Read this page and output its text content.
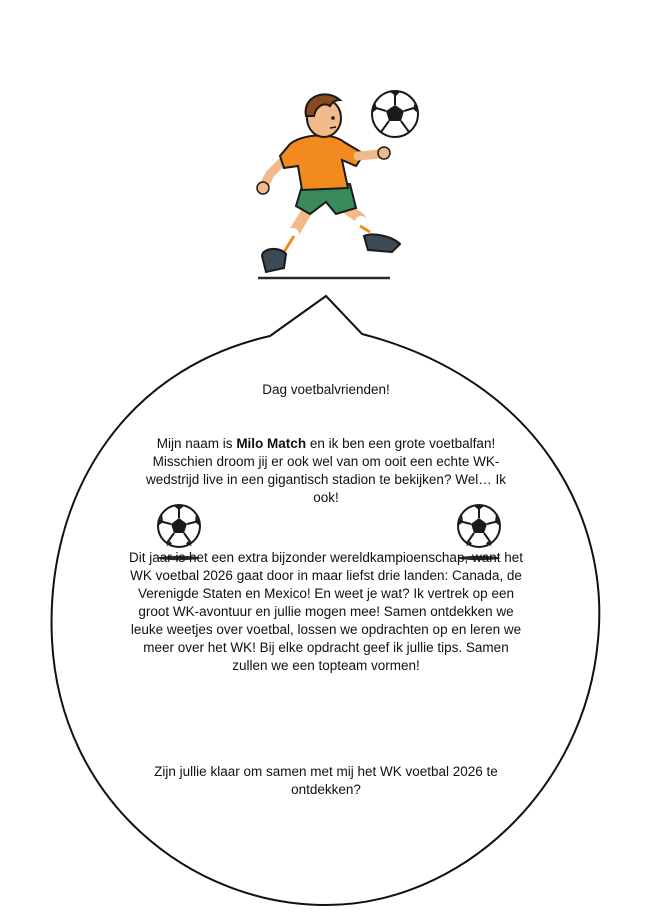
Dag voetbalvrienden!
Mijn naam is Milo Match en ik ben een grote voetbalfan! Misschien droom jij er ook wel van om ooit een echte WK-wedstrijd live in een gigantisch stadion te bekijken? Wel… Ik ook!
Dit jaar is het een extra bijzonder wereldkampioenschap, want het WK voetbal 2026 gaat door in maar liefst drie landen: Canada, de Verenigde Staten en Mexico! En weet je wat? Ik vertrek op een groot WK-avontuur en jullie mogen mee! Samen ontdekken we leuke weetjes over voetbal, lossen we opdrachten op en leren we meer over het WK! Bij elke opdracht geef ik jullie tips. Samen zullen we een topteam vormen!
Zijn jullie klaar om samen met mij het WK voetbal 2026 te ontdekken?
